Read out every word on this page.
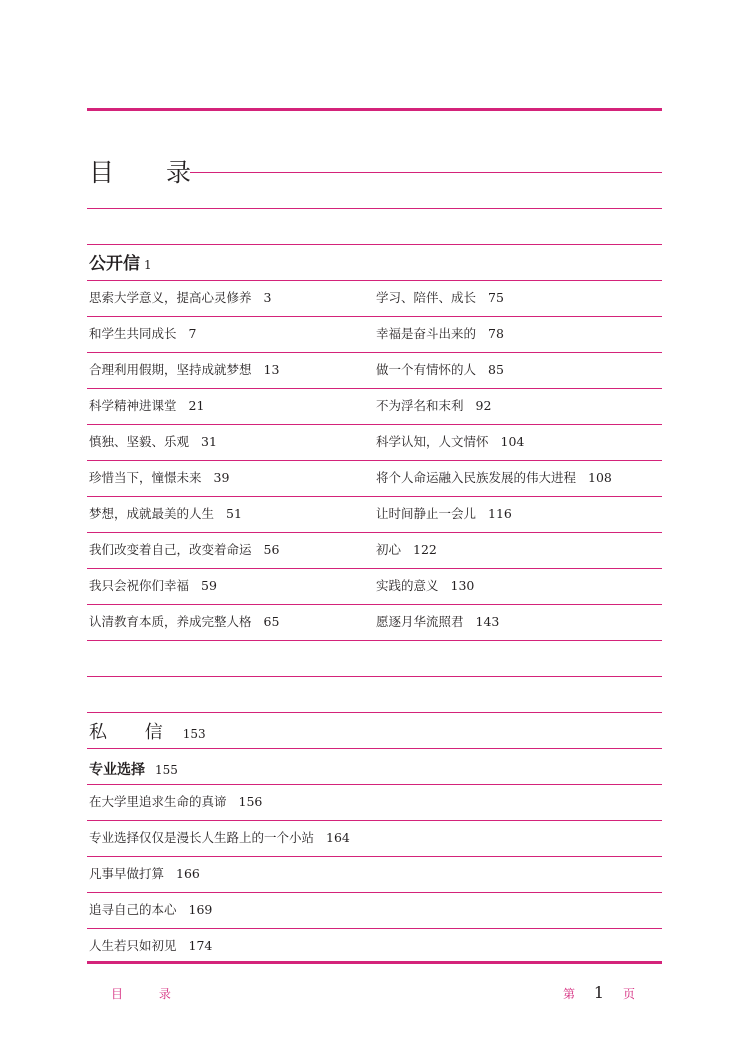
目 录
公开信 1
思索大学意义，提高心灵修养 3
和学生共同成长 7
合理利用假期，坚持成就梦想 13
科学精神进课堂 21
慎独、坚毅、乐观 31
珍惜当下，憧憬未来 39
梦想，成就最美的人生 51
我们改变着自己，改变着命运 56
我只会祝你们幸福 59
认清教育本质，养成完整人格 65
学习、陪伴、成长 75
幸福是奋斗出来的 78
做一个有情怀的人 85
不为浮名和末利 92
科学认知，人文情怀 104
将个人命运融入民族发展的伟大进程 108
让时间静止一会儿 116
初心 122
实践的意义 130
愿逐月华流照君 143
私 信 153
专业选择 155
在大学里追求生命的真谛 156
专业选择仅仅是漫长人生路上的一个小站 164
凡事早做打算 166
追寻自己的本心 169
人生若只如初见 174
目 录	第 1 页
